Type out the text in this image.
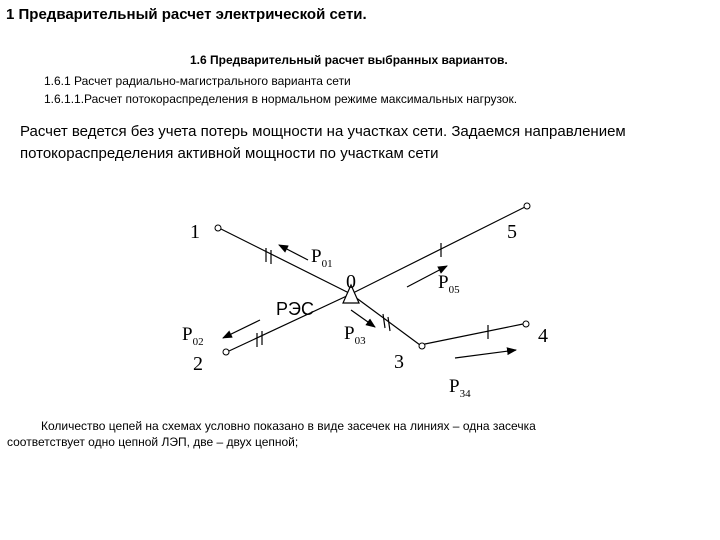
1 Предварительный расчет электрической сети.
1.6 Предварительный расчет выбранных вариантов.
1.6.1 Расчет радиально-магистрального варианта сети
1.6.1.1.Расчет потокораспределения в нормальном режиме максимальных нагрузок.
Расчет ведется без учета потерь мощности на участках сети. Задаемся направлением
потокораспределения активной мощности по участкам сети
1	5
0
2	3
4
РЭС
$P_{01}$
$P_{05}$
$P_{02}$	$P_{03}$
$P_{34}$
Количество цепей на схемах условно показано в виде засечек на линиях – одна засечка
соответствует одно цепной ЛЭП, две – двух цепной;
